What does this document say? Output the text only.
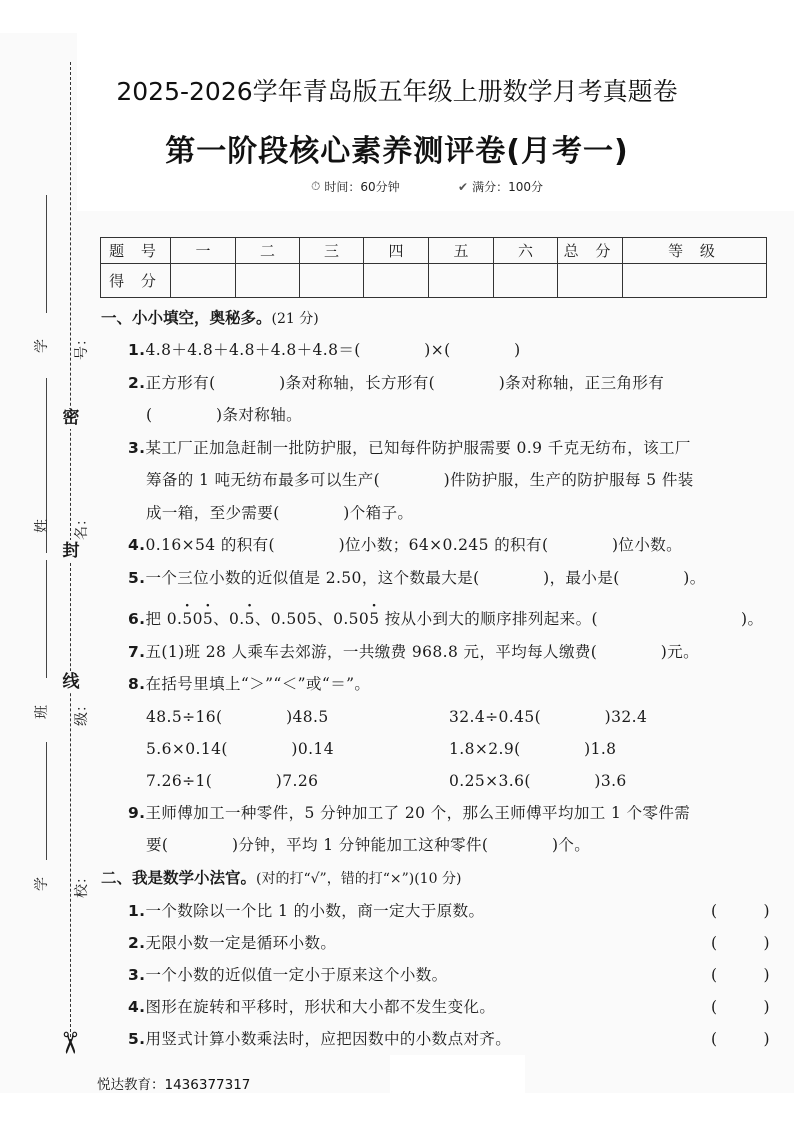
2025-2026学年青岛版五年级上册数学月考真题卷
第一阶段核心素养测评卷(月考一)
⏱ 时间：60分钟	✔ 满分：100分
密
封
线
学号：
姓名：
班级：
学校：
✂
题 号	一	二	三	四	五	六	总 分	等 级
得 分								
一、小小填空，奥秘多。(21 分)
1.4.8＋4.8＋4.8＋4.8＋4.8＝(　　　　)×(　　　　)
2.正方形有(　　　　)条对称轴，长方形有(　　　　)条对称轴，正三角形有
(　　　　)条对称轴。
3.某工厂正加急赶制一批防护服，已知每件防护服需要 0.9 千克无纺布，该工厂
筹备的 1 吨无纺布最多可以生产(　　　　)件防护服，生产的防护服每 5 件装
成一箱，至少需要(　　　　)个箱子。
4.0.16×54 的积有(　　　　)位小数；64×0.245 的积有(　　　　)位小数。
5.一个三位小数的近似值是 2.50，这个数最大是(　　　　)，最小是(　　　　)。
6.把 0.· 50· 5、0.· 5、0.505、0.50· 5 按从小到大的顺序排列起来。(	)。
7.五(1)班 28 人乘车去郊游，一共缴费 968.8 元，平均每人缴费(　　　　)元。
8.在括号里填上“＞”“＜”或“＝”。
48.5÷16(　　　　)48.5	32.4÷0.45(　　　　)32.4
5.6×0.14(　　　　)0.14	1.8×2.9(　　　　)1.8
7.26÷1(　　　　)7.26	0.25×3.6(　　　　)3.6
9.王师傅加工一种零件，5 分钟加工了 20 个，那么王师傅平均加工 1 个零件需
要(　　　　)分钟，平均 1 分钟能加工这种零件(　　　　)个。
二、我是数学小法官。(对的打“√”，错的打“×”)(10 分)
1.一个数除以一个比 1 的小数，商一定大于原数。	(　　　)
2.无限小数一定是循环小数。	(　　　)
3.一个小数的近似值一定小于原来这个小数。	(　　　)
4.图形在旋转和平移时，形状和大小都不发生变化。	(　　　)
5.用竖式计算小数乘法时，应把因数中的小数点对齐。	(　　　)
悦达教育：1436377317
